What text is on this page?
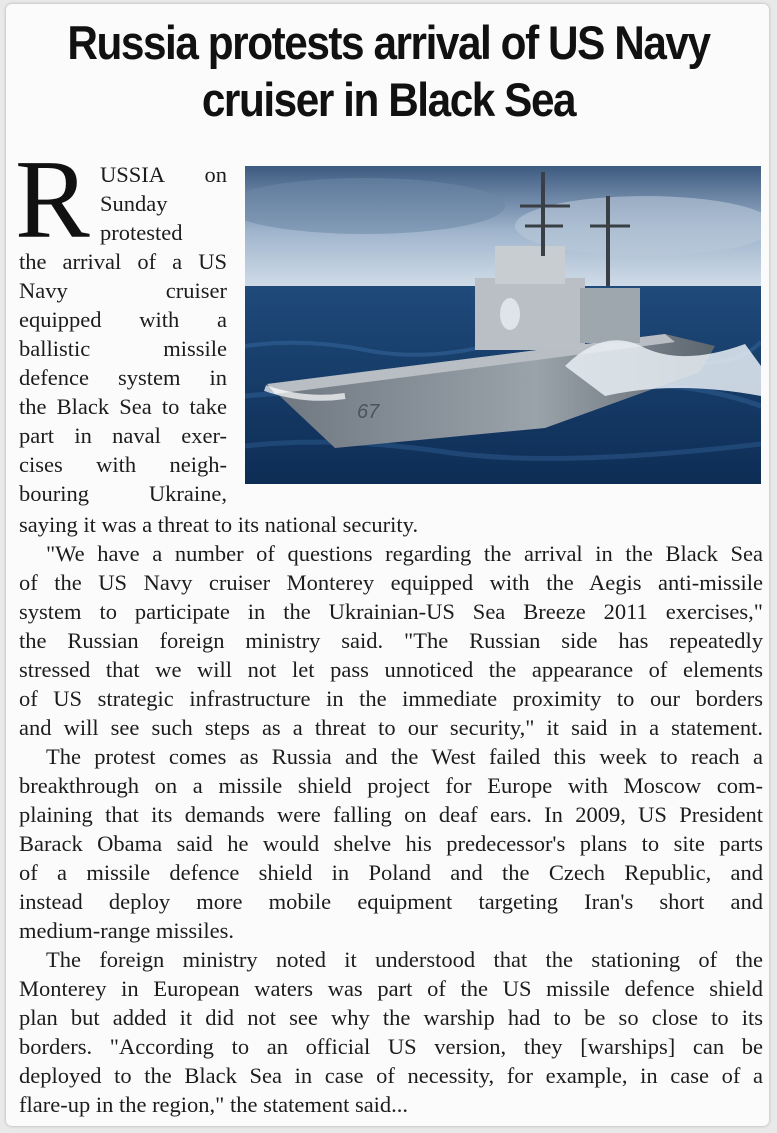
Russia protests arrival of US Navy
cruiser in Black Sea
67
R USSIA on
Sunday
protested
the arrival of a US
Navy cruiser
equipped with a
ballistic missile
defence system in
the Black Sea to take
part in naval exer-
cises with neigh-
bouring Ukraine,
saying it was a threat to its national security.
"We have a number of questions regarding the arrival in the Black Sea
of the US Navy cruiser Monterey equipped with the Aegis anti-missile
system to participate in the Ukrainian-US Sea Breeze 2011 exercises,"
the Russian foreign ministry said. "The Russian side has repeatedly
stressed that we will not let pass unnoticed the appearance of elements
of US strategic infrastructure in the immediate proximity to our borders
and will see such steps as a threat to our security," it said in a statement.
The protest comes as Russia and the West failed this week to reach a
breakthrough on a missile shield project for Europe with Moscow com-
plaining that its demands were falling on deaf ears. In 2009, US President
Barack Obama said he would shelve his predecessor's plans to site parts
of a missile defence shield in Poland and the Czech Republic, and
instead deploy more mobile equipment targeting Iran's short and
medium-range missiles.
The foreign ministry noted it understood that the stationing of the
Monterey in European waters was part of the US missile defence shield
plan but added it did not see why the warship had to be so close to its
borders. "According to an official US version, they [warships] can be
deployed to the Black Sea in case of necessity, for example, in case of a
flare-up in the region," the statement said...
